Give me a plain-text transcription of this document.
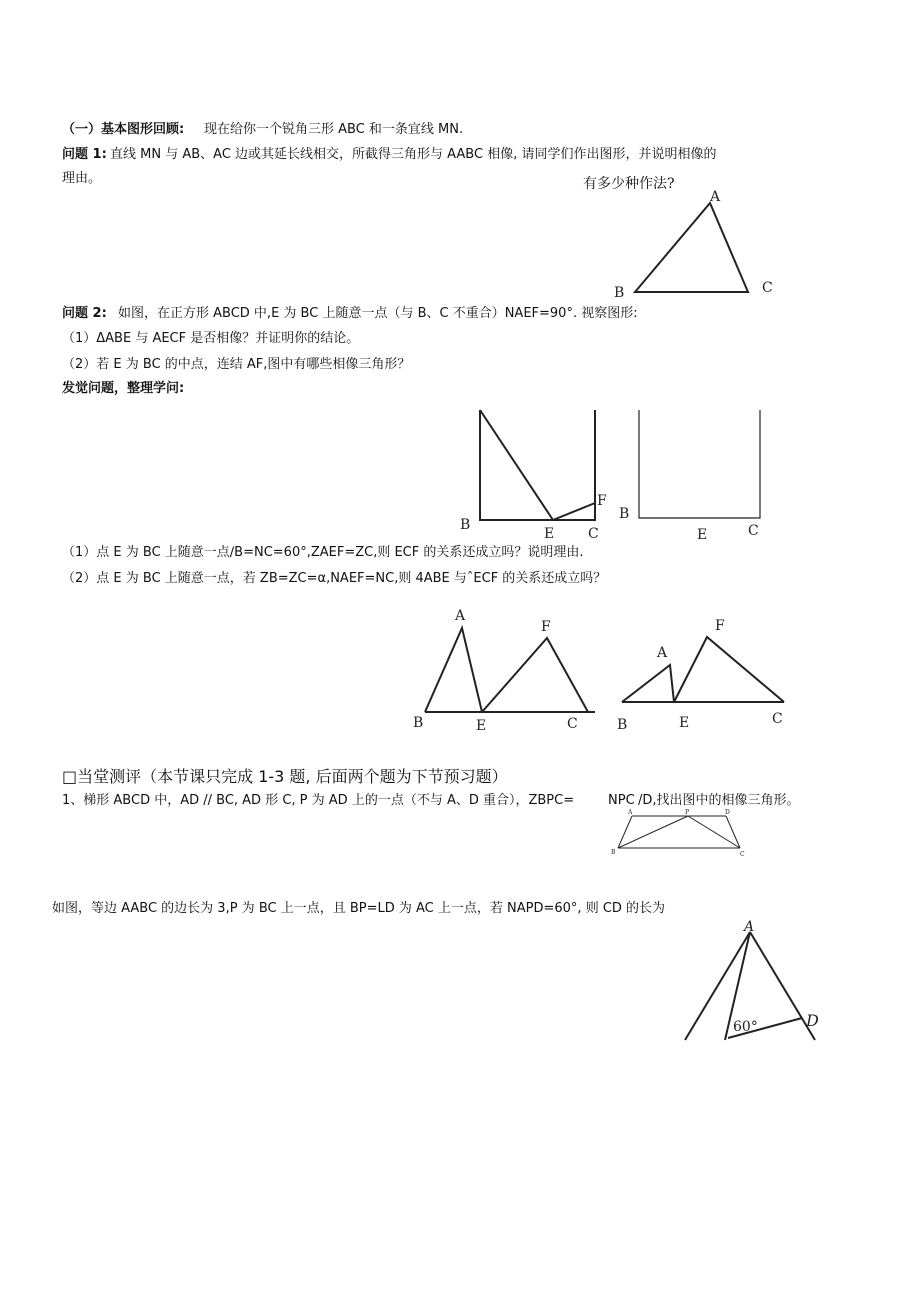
（一）基本图形回顾: 现在给你一个锐角三形 ABC 和一条宜线 MN.
问题 1: 直线 MN 与 AB、AC 边或其延长线相交，所截得三角形与 AABC 相像, 请同学们作出图形，并说明相像的
理由。	有多少种作法?
A
B	C
问题 2: 如图，在正方形 ABCD 中,E 为 BC 上随意一点（与 B、C 不重合）NAEF=90°. 视察图形:
（1）ΔABE 与 AECF 是否相像？并证明你的结论。
（2）若 E 为 BC 的中点，连结 AF,图中有哪些相像三角形？
发觉问题，整理学问:
B
E C
F
B
E	C
（1）点 E 为 BC 上随意一点∕B=NC=60°,ZAEF=ZC,则 ECF 的关系还成立吗？说明理由.
（2）点 E 为 BC 上随意一点，若 ZB=ZC=α,NAEF=NC,则 4ABE 与ˆECF 的关系还成立吗？
A
B	E	C
F
A
B	E	C
F
□当堂测评（本节课只完成 1-3 题, 后面两个题为下节预习题）
1、梯形 ABCD 中，AD // BC, AD 形 C, P 为 AD 上的一点（不与 A、D 重合），ZBPC=	NPC /D,找出图中的相像三角形。
A	P	D
B	C
如图，等边 AABC 的边长为 3,P 为 BC 上一点，且 BP=LD 为 AC 上一点，若 NAPD=60°, 则 CD 的长为
A
D
60°
